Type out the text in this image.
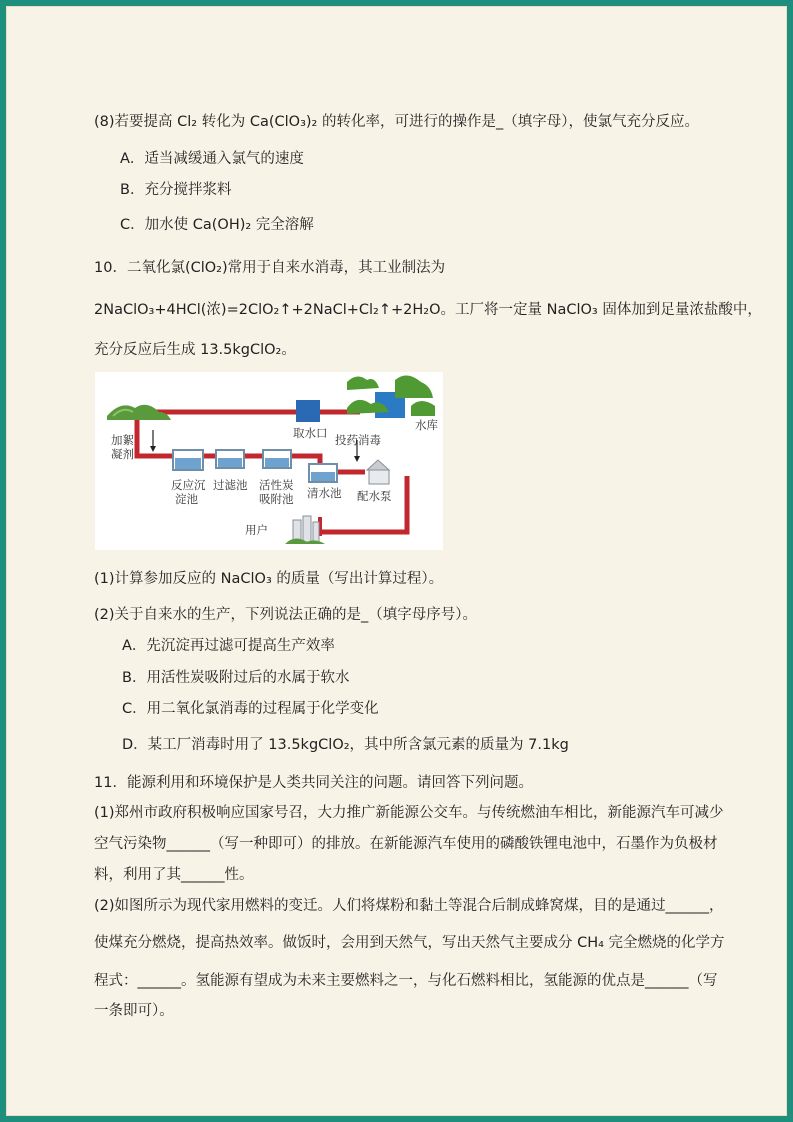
(8)若要提高 Cl₂ 转化为 Ca(ClO₃)₂ 的转化率，可进行的操作是_（填字母），使氯气充分反应。
A．适当减缓通入氯气的速度
B．充分搅拌浆料
C．加水使 Ca(OH)₂ 完全溶解
10．二氧化氯(ClO₂)常用于自来水消毒，其工业制法为
2NaClO₃+4HCl(浓)=2ClO₂↑+2NaCl+Cl₂↑+2H₂O。工厂将一定量 NaClO₃ 固体加到足量浓盐酸中，
充分反应后生成 13.5kgClO₂。
加絮
凝剂
取水口
水库
投药消毒
反应沉
淀池
过滤池 活性炭
吸附池 清水池 配水泵
用户
(1)计算参加反应的 NaClO₃ 的质量（写出计算过程）。
(2)关于自来水的生产，下列说法正确的是_（填字母序号）。
A．先沉淀再过滤可提高生产效率
B．用活性炭吸附过后的水属于软水
C．用二氧化氯消毒的过程属于化学变化
D．某工厂消毒时用了 13.5kgClO₂，其中所含氯元素的质量为 7.1kg
11．能源利用和环境保护是人类共同关注的问题。请回答下列问题。
(1)郑州市政府积极响应国家号召，大力推广新能源公交车。与传统燃油车相比，新能源汽车可减少
空气污染物______（写一种即可）的排放。在新能源汽车使用的磷酸铁锂电池中，石墨作为负极材
料，利用了其______性。
(2)如图所示为现代家用燃料的变迁。人们将煤粉和黏土等混合后制成蜂窝煤，目的是通过______，
使煤充分燃烧，提高热效率。做饭时，会用到天然气，写出天然气主要成分 CH₄ 完全燃烧的化学方
程式：______。氢能源有望成为未来主要燃料之一，与化石燃料相比，氢能源的优点是______（写
一条即可）。
